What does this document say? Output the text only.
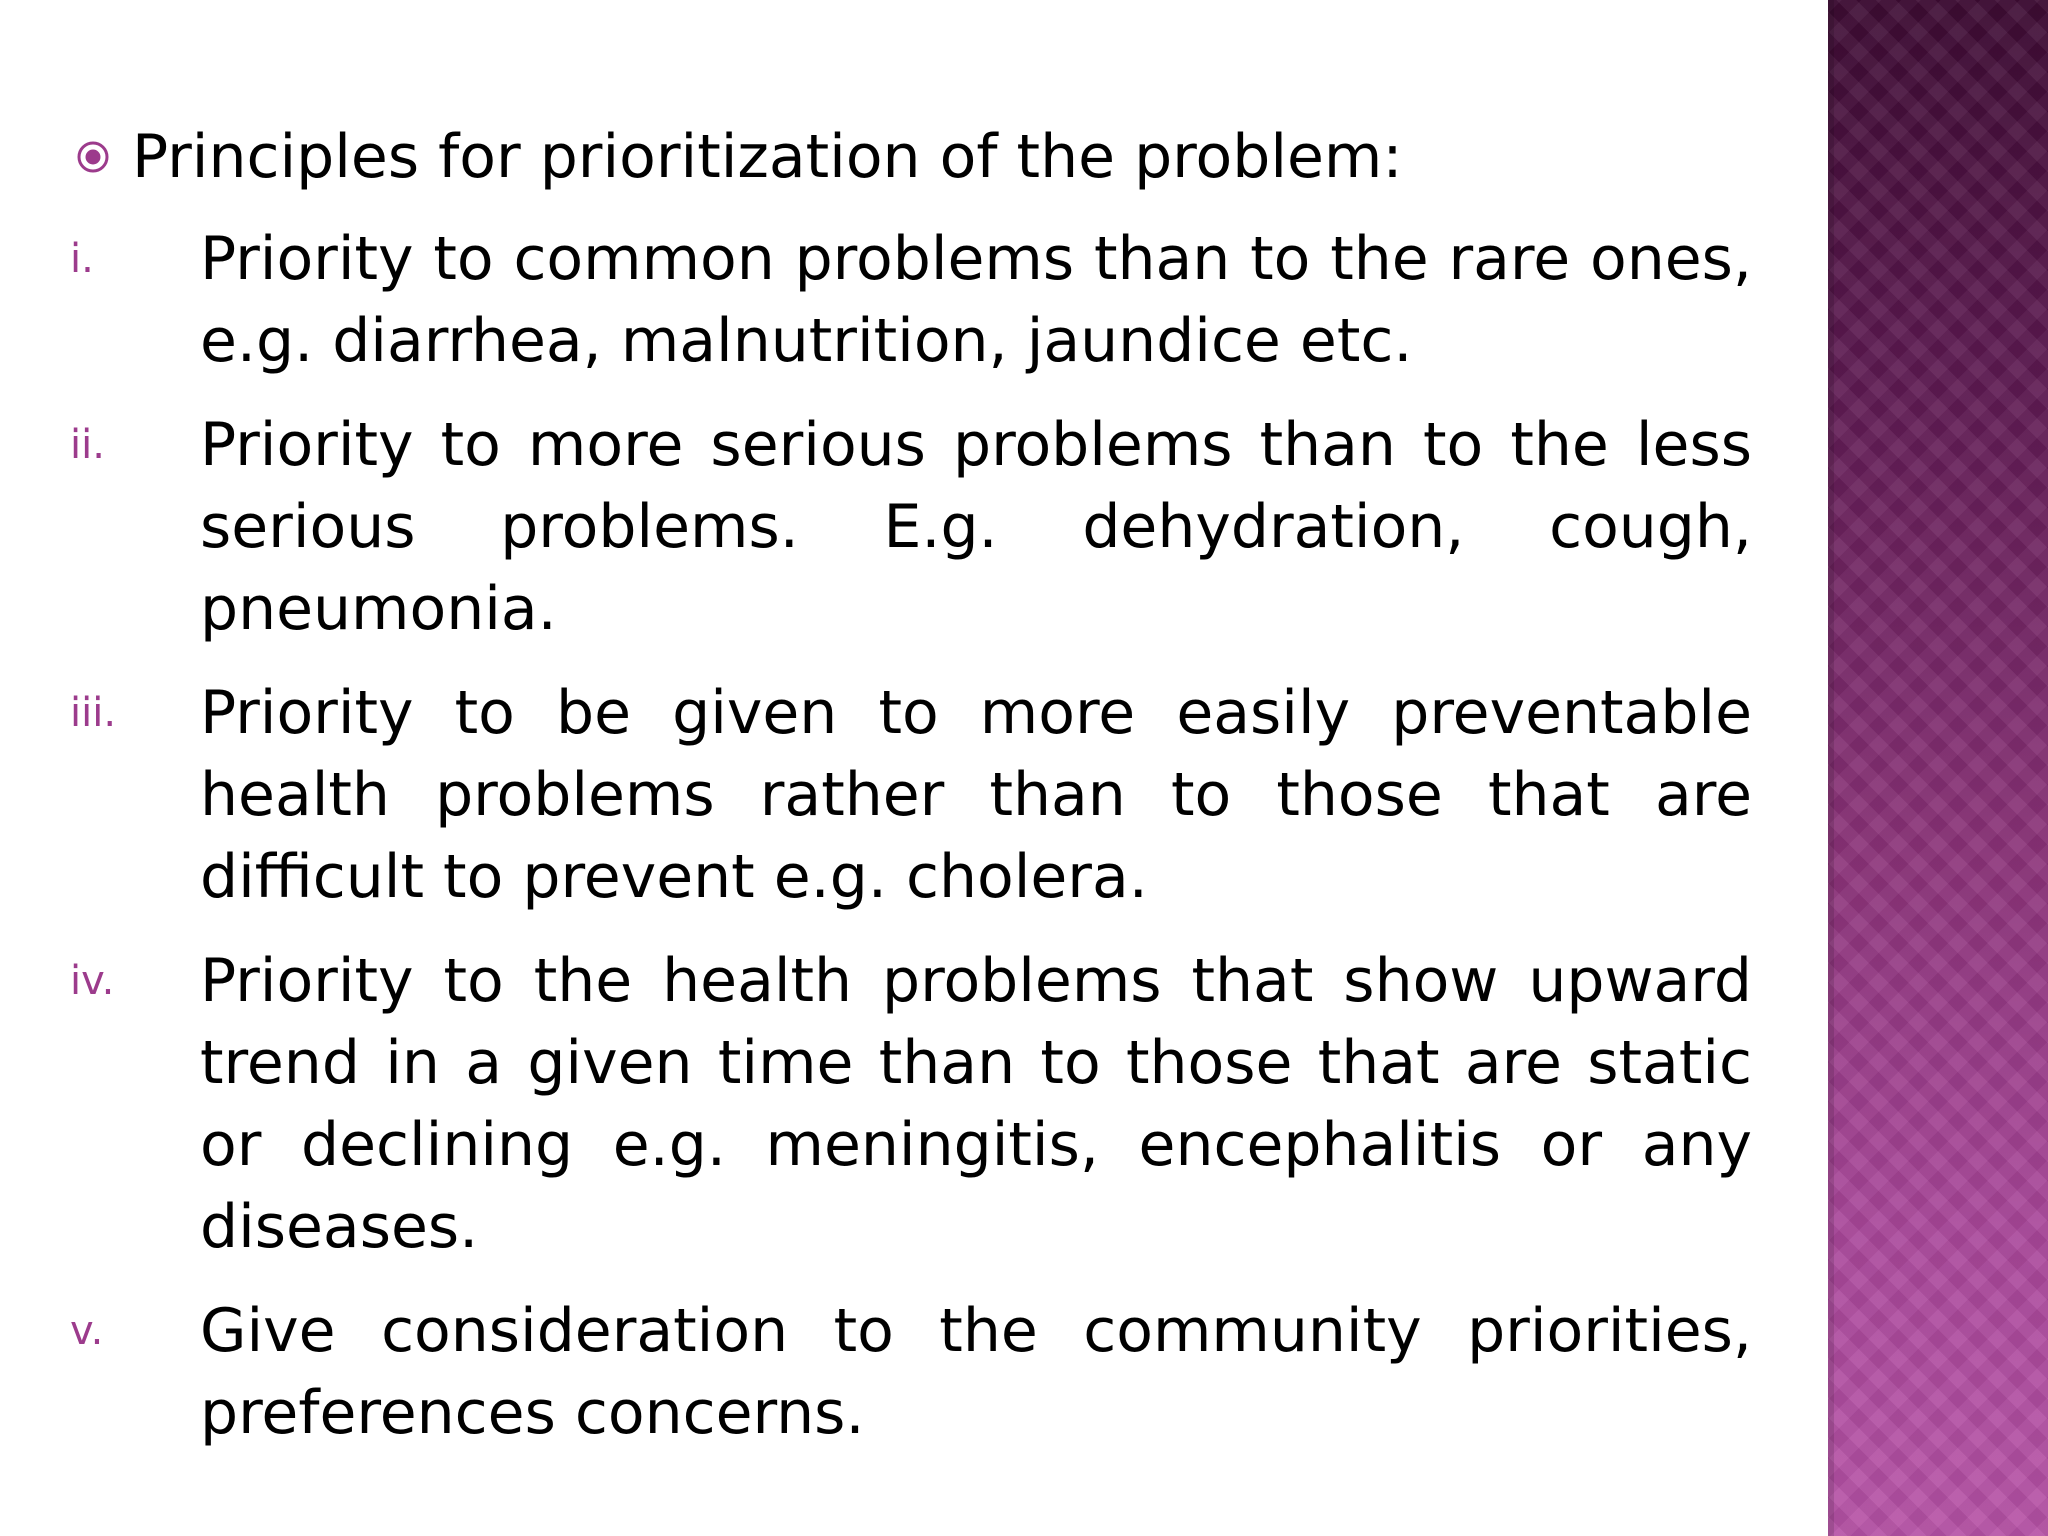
Principles for prioritization of the problem:
i.	Priority to common problems than to the rare ones, e.g. diarrhea, malnutrition, jaundice etc.
ii.	Priority to more serious problems than to the less serious problems. E.g. dehydration, cough, pneumonia.
iii.	Priority to be given to more easily preventable health problems rather than to those that are difficult to prevent e.g. cholera.
iv.	Priority to the health problems that show upward trend in a given time than to those that are static or declining e.g. meningitis, encephalitis or any diseases.
v.	Give consideration to the community priorities, preferences concerns.
